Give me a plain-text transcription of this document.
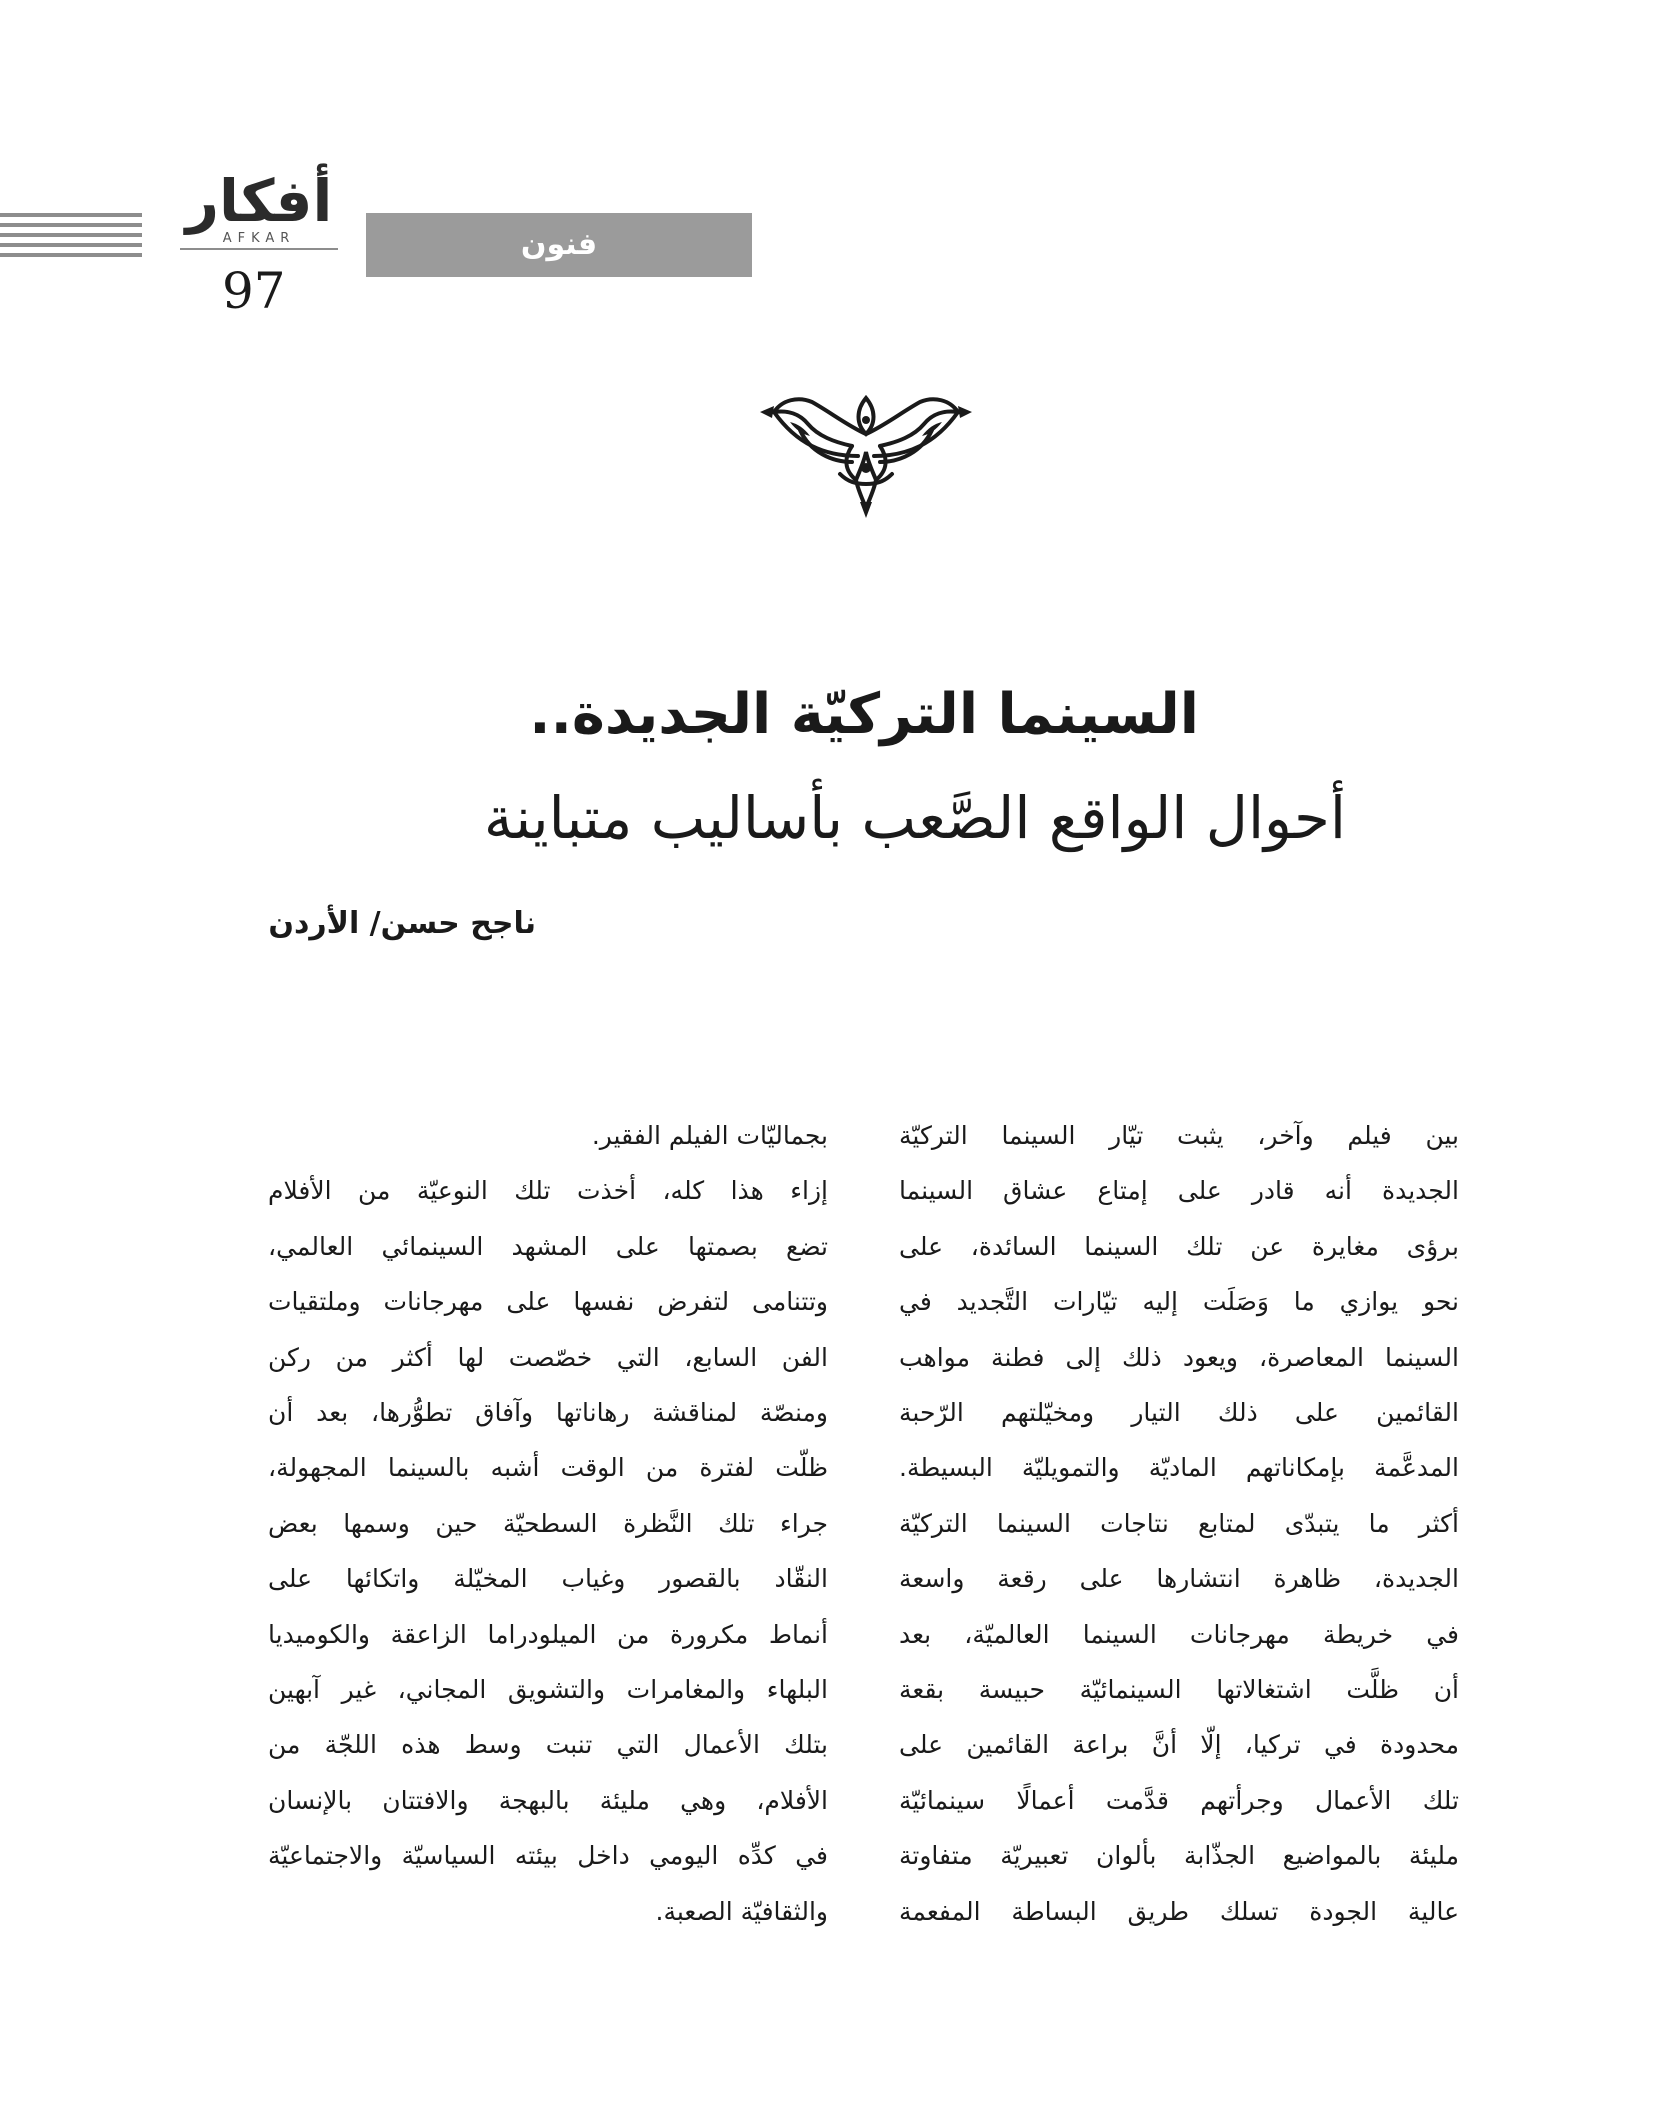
أفكار
AFKAR
97
فنون
السينما التركيّة الجديدة..
أحوال الواقع الصَّعب بأساليب متباينة
ناجح حسن/ الأردن
بين فيلم وآخر، يثبت تيّار السينما التركيّة
الجديدة أنه قادر على إمتاع عشاق السينما
برؤى مغايرة عن تلك السينما السائدة، على
نحو يوازي ما وَصَلَت إليه تيّارات التَّجديد في
السينما المعاصرة، ويعود ذلك إلى فطنة مواهب
القائمين على ذلك التيار ومخيّلتهم الرّحبة
المدعَّمة بإمكاناتهم الماديّة والتمويليّة البسيطة.
أكثر ما يتبدّى لمتابع نتاجات السينما التركيّة
الجديدة، ظاهرة انتشارها على رقعة واسعة
في خريطة مهرجانات السينما العالميّة، بعد
أن ظلَّت اشتغالاتها السينمائيّة حبيسة بقعة
محدودة في تركيا، إلّا أنَّ براعة القائمين على
تلك الأعمال وجرأتهم قدَّمت أعمالًا سينمائيّة
مليئة بالمواضيع الجذّابة بألوان تعبيريّة متفاوتة
عالية الجودة تسلك طريق البساطة المفعمة
بجماليّات الفيلم الفقير.
إزاء هذا كله، أخذت تلك النوعيّة من الأفلام
تضع بصمتها على المشهد السينمائي العالمي،
وتتنامى لتفرض نفسها على مهرجانات وملتقيات
الفن السابع، التي خصّصت لها أكثر من ركن
ومنصّة لمناقشة رهاناتها وآفاق تطوُّرها، بعد أن
ظلّت لفترة من الوقت أشبه بالسينما المجهولة،
جراء تلك النَّظرة السطحيّة حين وسمها بعض
النقّاد بالقصور وغياب المخيّلة واتكائها على
أنماط مكرورة من الميلودراما الزاعقة والكوميديا
البلهاء والمغامرات والتشويق المجاني، غير آبهين
بتلك الأعمال التي تنبت وسط هذه اللجّة من
الأفلام، وهي مليئة بالبهجة والافتتان بالإنسان
في كدِّه اليومي داخل بيئته السياسيّة والاجتماعيّة
والثقافيّة الصعبة.
